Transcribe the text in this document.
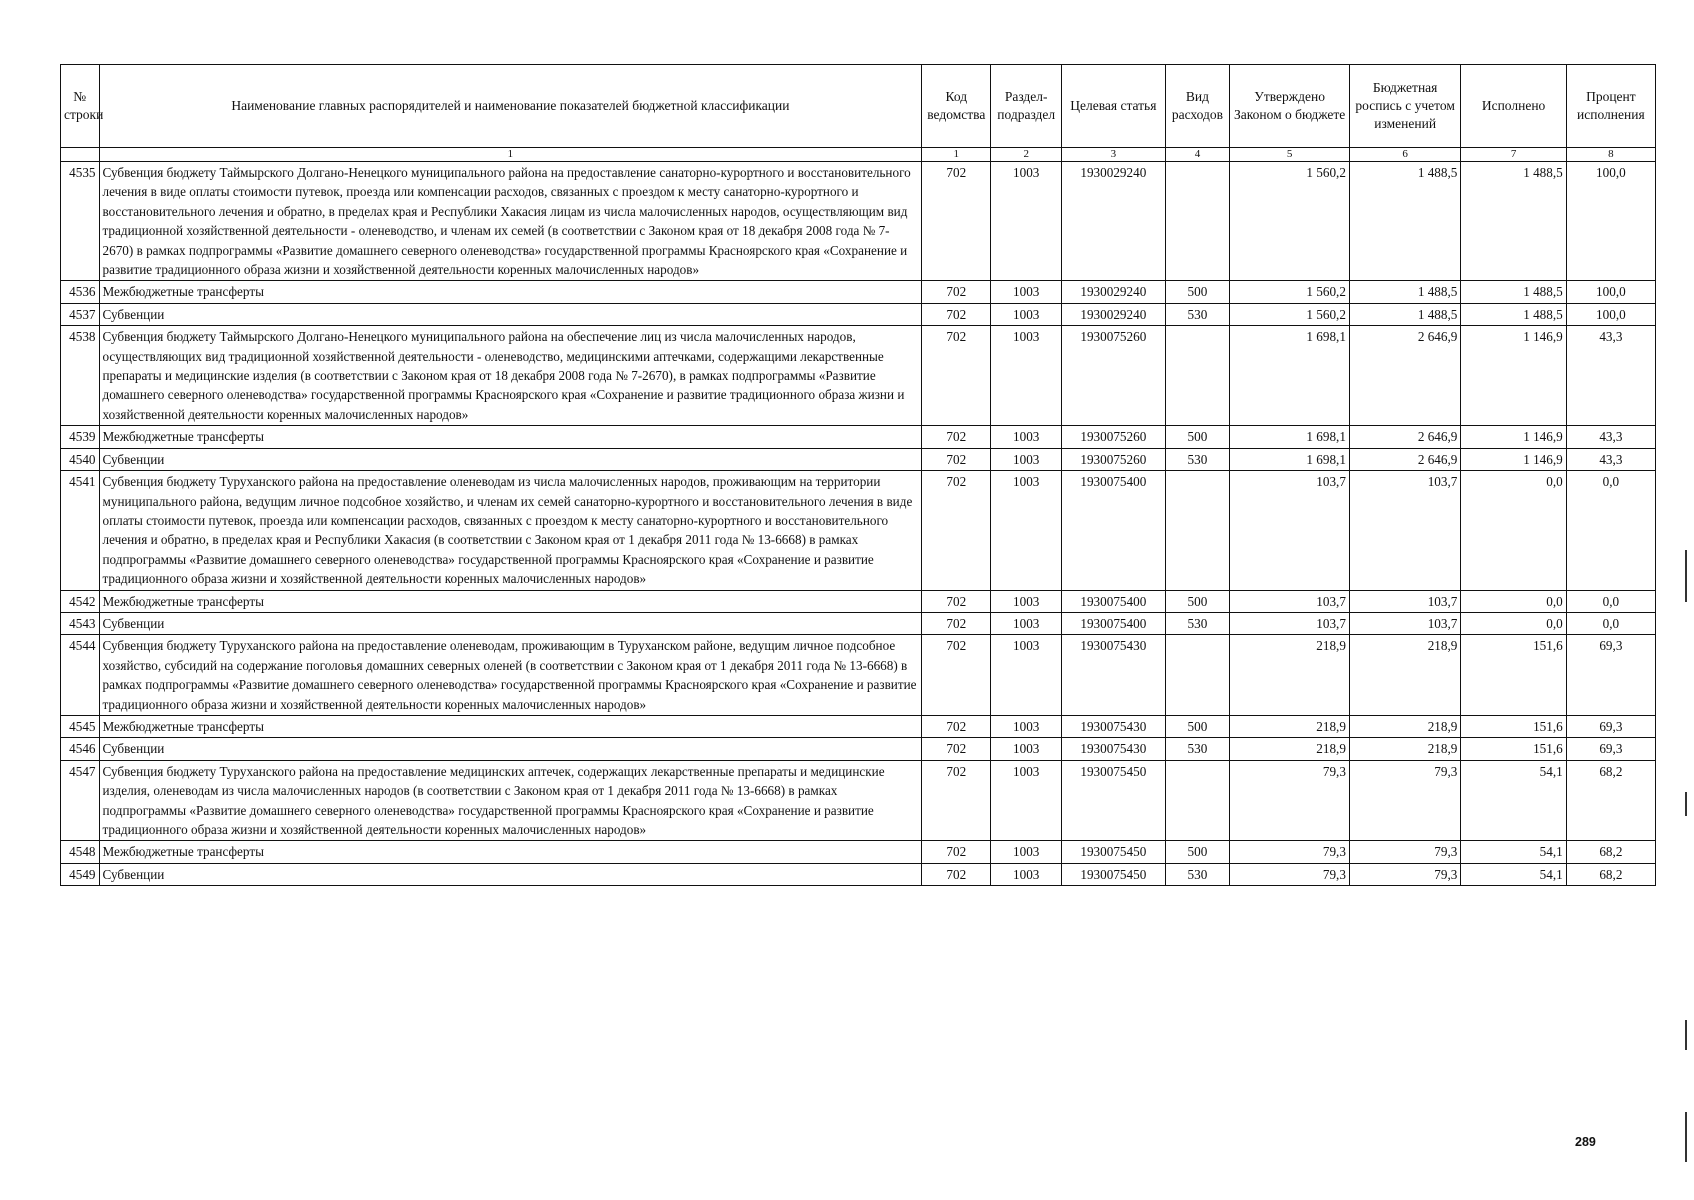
№ строки	Наименование главных распорядителей и наименование показателей бюджетной классификации	Код ведомства	Раздел-подраздел	Целевая статья	Вид расходов	Утверждено Законом о бюджете	Бюджетная роспись с учетом изменений	Исполнено	Процент исполнения
	1	1	2	3	4	5	6	7	8
4535	Субвенция бюджету Таймырского Долгано-Ненецкого муниципального района на предоставление санаторно-курортного и восстановительного лечения в виде оплаты стоимости путевок, проезда или компенсации расходов, связанных с проездом к месту санаторно-курортного и восстановительного лечения и обратно, в пределах края и Республики Хакасия лицам из числа малочисленных народов, осуществляющим вид традиционной хозяйственной деятельности - оленеводство, и членам их семей (в соответствии с Законом края от 18 декабря 2008 года № 7-2670) в рамках подпрограммы «Развитие домашнего северного оленеводства» государственной программы Красноярского края «Сохранение и развитие традиционного образа жизни и хозяйственной деятельности коренных малочисленных народов»	702	1003	1930029240		1 560,2	1 488,5	1 488,5	100,0
4536	Межбюджетные трансферты	702	1003	1930029240	500	1 560,2	1 488,5	1 488,5	100,0
4537	Субвенции	702	1003	1930029240	530	1 560,2	1 488,5	1 488,5	100,0
4538	Субвенция бюджету Таймырского Долгано-Ненецкого муниципального района на обеспечение лиц из числа малочисленных народов, осуществляющих вид традиционной хозяйственной деятельности - оленеводство, медицинскими аптечками, содержащими лекарственные препараты и медицинские изделия (в соответствии с Законом края от 18 декабря 2008 года № 7-2670), в рамках подпрограммы «Развитие домашнего северного оленеводства» государственной программы Красноярского края «Сохранение и развитие традиционного образа жизни и хозяйственной деятельности коренных малочисленных народов»	702	1003	1930075260		1 698,1	2 646,9	1 146,9	43,3
4539	Межбюджетные трансферты	702	1003	1930075260	500	1 698,1	2 646,9	1 146,9	43,3
4540	Субвенции	702	1003	1930075260	530	1 698,1	2 646,9	1 146,9	43,3
4541	Субвенция бюджету Туруханского района на предоставление оленеводам из числа малочисленных народов, проживающим на территории муниципального района, ведущим личное подсобное хозяйство, и членам их семей санаторно-курортного и восстановительного лечения в виде оплаты стоимости путевок, проезда или компенсации расходов, связанных с проездом к месту санаторно-курортного и восстановительного лечения и обратно, в пределах края и Республики Хакасия (в соответствии с Законом края от 1 декабря 2011 года № 13-6668) в рамках подпрограммы «Развитие домашнего северного оленеводства» государственной программы Красноярского края «Сохранение и развитие традиционного образа жизни и хозяйственной деятельности коренных малочисленных народов»	702	1003	1930075400		103,7	103,7	0,0	0,0
4542	Межбюджетные трансферты	702	1003	1930075400	500	103,7	103,7	0,0	0,0
4543	Субвенции	702	1003	1930075400	530	103,7	103,7	0,0	0,0
4544	Субвенция бюджету Туруханского района на предоставление оленеводам, проживающим в Туруханском районе, ведущим личное подсобное хозяйство, субсидий на содержание поголовья домашних северных оленей (в соответствии с Законом края от 1 декабря 2011 года № 13-6668) в рамках подпрограммы «Развитие домашнего северного оленеводства» государственной программы Красноярского края «Сохранение и развитие традиционного образа жизни и хозяйственной деятельности коренных малочисленных народов»	702	1003	1930075430		218,9	218,9	151,6	69,3
4545	Межбюджетные трансферты	702	1003	1930075430	500	218,9	218,9	151,6	69,3
4546	Субвенции	702	1003	1930075430	530	218,9	218,9	151,6	69,3
4547	Субвенция бюджету Туруханского района на предоставление медицинских аптечек, содержащих лекарственные препараты и медицинские изделия, оленеводам из числа малочисленных народов (в соответствии с Законом края от 1 декабря 2011 года № 13-6668) в рамках подпрограммы «Развитие домашнего северного оленеводства» государственной программы Красноярского края «Сохранение и развитие традиционного образа жизни и хозяйственной деятельности коренных малочисленных народов»	702	1003	1930075450		79,3	79,3	54,1	68,2
4548	Межбюджетные трансферты	702	1003	1930075450	500	79,3	79,3	54,1	68,2
4549	Субвенции	702	1003	1930075450	530	79,3	79,3	54,1	68,2
289
